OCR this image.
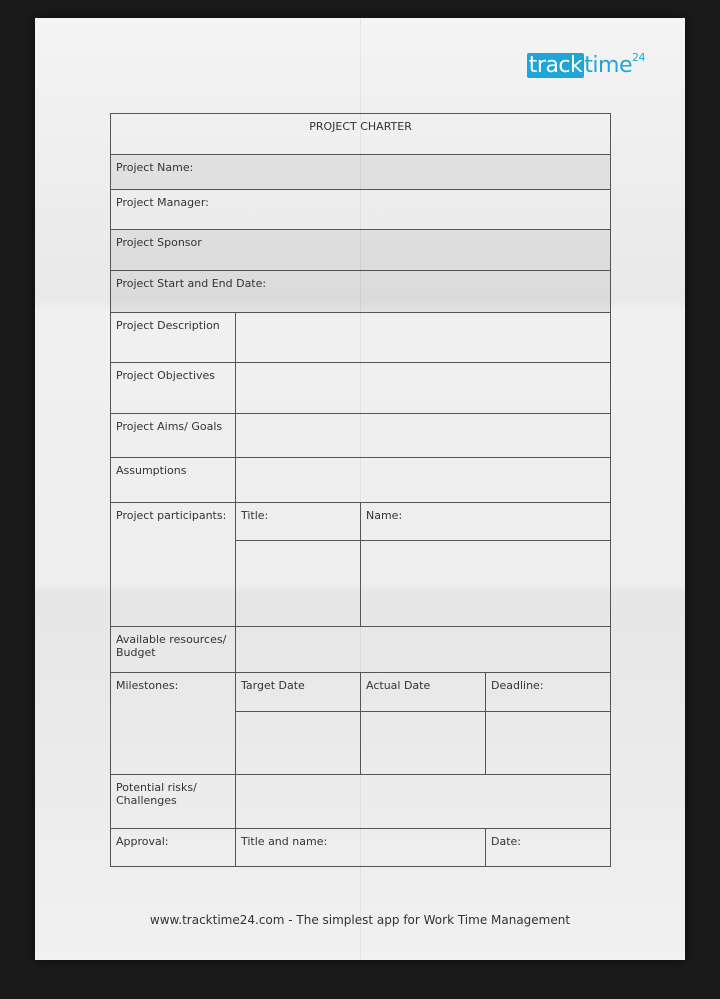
tracktime$^{24}$
PROJECT CHARTER			
Project Name:			
Project Manager:			
Project Sponsor			
Project Start and End Date:			
Project Description			
Project Objectives			
Project Aims/ Goals			
Assumptions			
Project participants:	Title:	Name:	

Available resources/ Budget			
Milestones:	Target Date	Actual Date	Deadline:

Potential risks/ Challenges			
Approval:	Title and name:		Date:
www.tracktime24.com - The simplest app for Work Time Management
